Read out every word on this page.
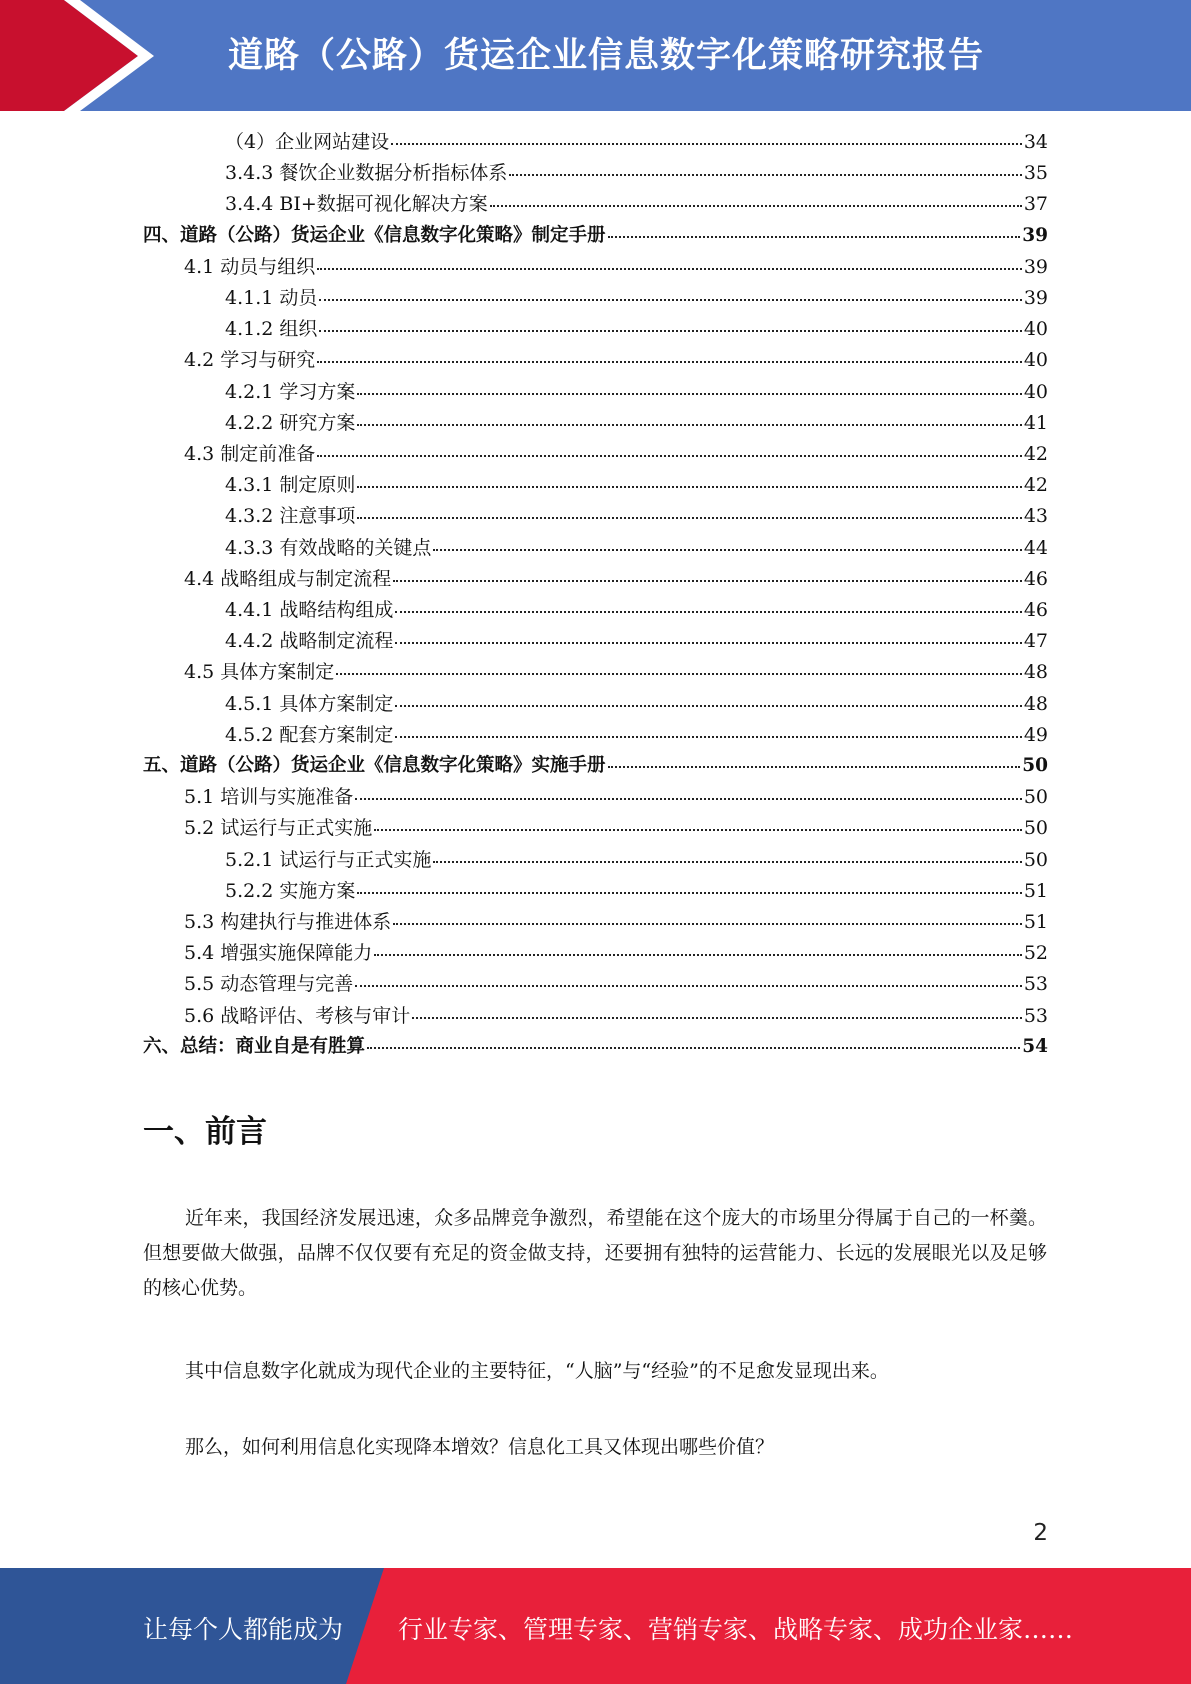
道路（公路）货运企业信息数字化策略研究报告
（4）企业网站建设	34
3.4.3 餐饮企业数据分析指标体系	35
3.4.4 BI+数据可视化解决方案	37
四、道路（公路）货运企业《信息数字化策略》制定手册	39
4.1 动员与组织	39
4.1.1 动员	39
4.1.2 组织	40
4.2 学习与研究	40
4.2.1 学习方案	40
4.2.2 研究方案	41
4.3 制定前准备	42
4.3.1 制定原则	42
4.3.2 注意事项	43
4.3.3 有效战略的关键点	44
4.4 战略组成与制定流程	46
4.4.1 战略结构组成	46
4.4.2 战略制定流程	47
4.5 具体方案制定	48
4.5.1 具体方案制定	48
4.5.2 配套方案制定	49
五、道路（公路）货运企业《信息数字化策略》实施手册	50
5.1 培训与实施准备	50
5.2 试运行与正式实施	50
5.2.1 试运行与正式实施	50
5.2.2 实施方案	51
5.3 构建执行与推进体系	51
5.4 增强实施保障能力	52
5.5 动态管理与完善	53
5.6 战略评估、考核与审计	53
六、总结：商业自是有胜算	54
一、前言
近年来，我国经济发展迅速，众多品牌竞争激烈，希望能在这个庞大的市场里分得属于自己的一杯羹。但想要做大做强，品牌不仅仅要有充足的资金做支持，还要拥有独特的运营能力、长远的发展眼光以及足够的核心优势。
其中信息数字化就成为现代企业的主要特征，“人脑”与“经验”的不足愈发显现出来。
那么，如何利用信息化实现降本增效？信息化工具又体现出哪些价值？
2
让每个人都能成为 行业专家、管理专家、营销专家、战略专家、成功企业家……
